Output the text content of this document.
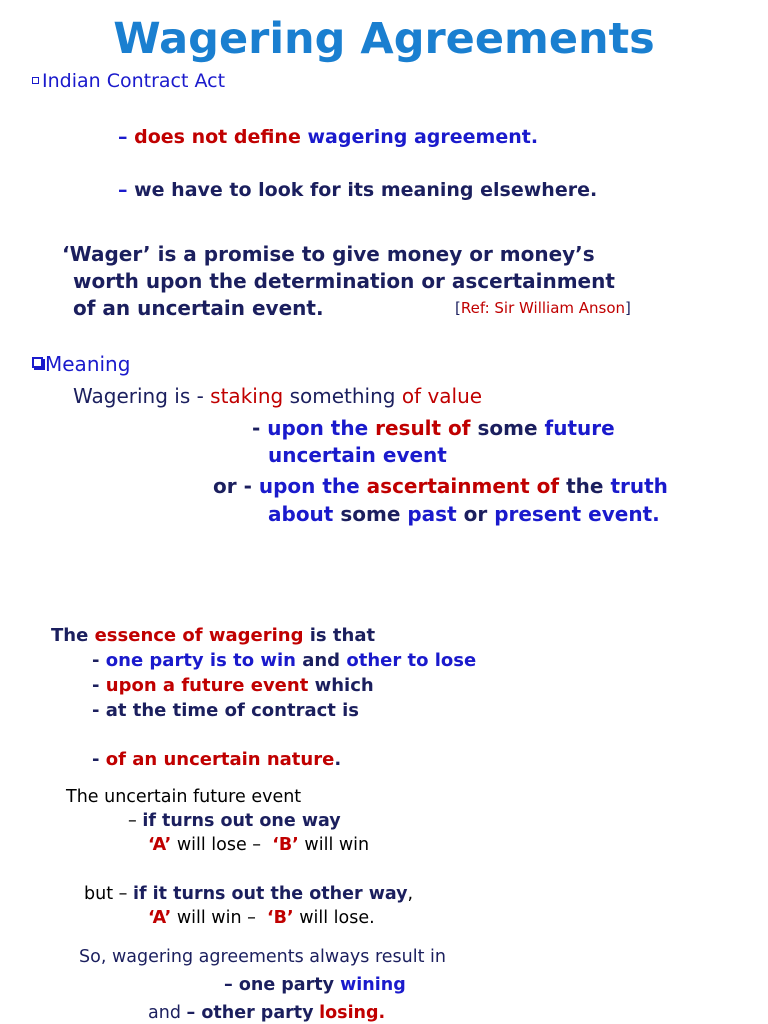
Wagering Agreements
Indian Contract Act
– does not define wagering agreement.
– we have to look for its meaning elsewhere.
‘Wager’ is a promise to give money or money’s
worth upon the determination or ascertainment
of an uncertain event.	[Ref: Sir William Anson]
Meaning
Wagering is - staking something of value
- upon the result of some future
uncertain event
or - upon the ascertainment of the truth
about some past or present event.
The essence of wagering is that
- one party is to win and other to lose
- upon a future event which
- at the time of contract is
- of an uncertain nature.
The uncertain future event
– if turns out one way
‘A’ will lose – ‘B’ will win
but – if it turns out the other way,
‘A’ will win – ‘B’ will lose.
So, wagering agreements always result in
– one party wining
and – other party losing.
